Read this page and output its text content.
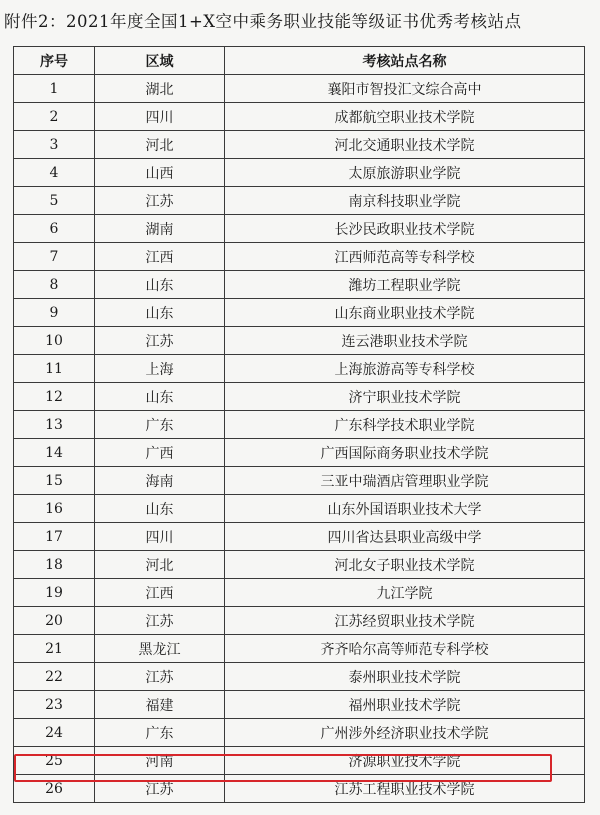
附件2：2021年度全国1+X空中乘务职业技能等级证书优秀考核站点
序号	区域	考核站点名称
1	湖北	襄阳市智投汇文综合高中
2	四川	成都航空职业技术学院
3	河北	河北交通职业技术学院
4	山西	太原旅游职业学院
5	江苏	南京科技职业学院
6	湖南	长沙民政职业技术学院
7	江西	江西师范高等专科学校
8	山东	潍坊工程职业学院
9	山东	山东商业职业技术学院
10	江苏	连云港职业技术学院
11	上海	上海旅游高等专科学校
12	山东	济宁职业技术学院
13	广东	广东科学技术职业学院
14	广西	广西国际商务职业技术学院
15	海南	三亚中瑞酒店管理职业学院
16	山东	山东外国语职业技术大学
17	四川	四川省达县职业高级中学
18	河北	河北女子职业技术学院
19	江西	九江学院
20	江苏	江苏经贸职业技术学院
21	黑龙江	齐齐哈尔高等师范专科学校
22	江苏	泰州职业技术学院
23	福建	福州职业技术学院
24	广东	广州涉外经济职业技术学院
25	河南	济源职业技术学院
26	江苏	江苏工程职业技术学院
